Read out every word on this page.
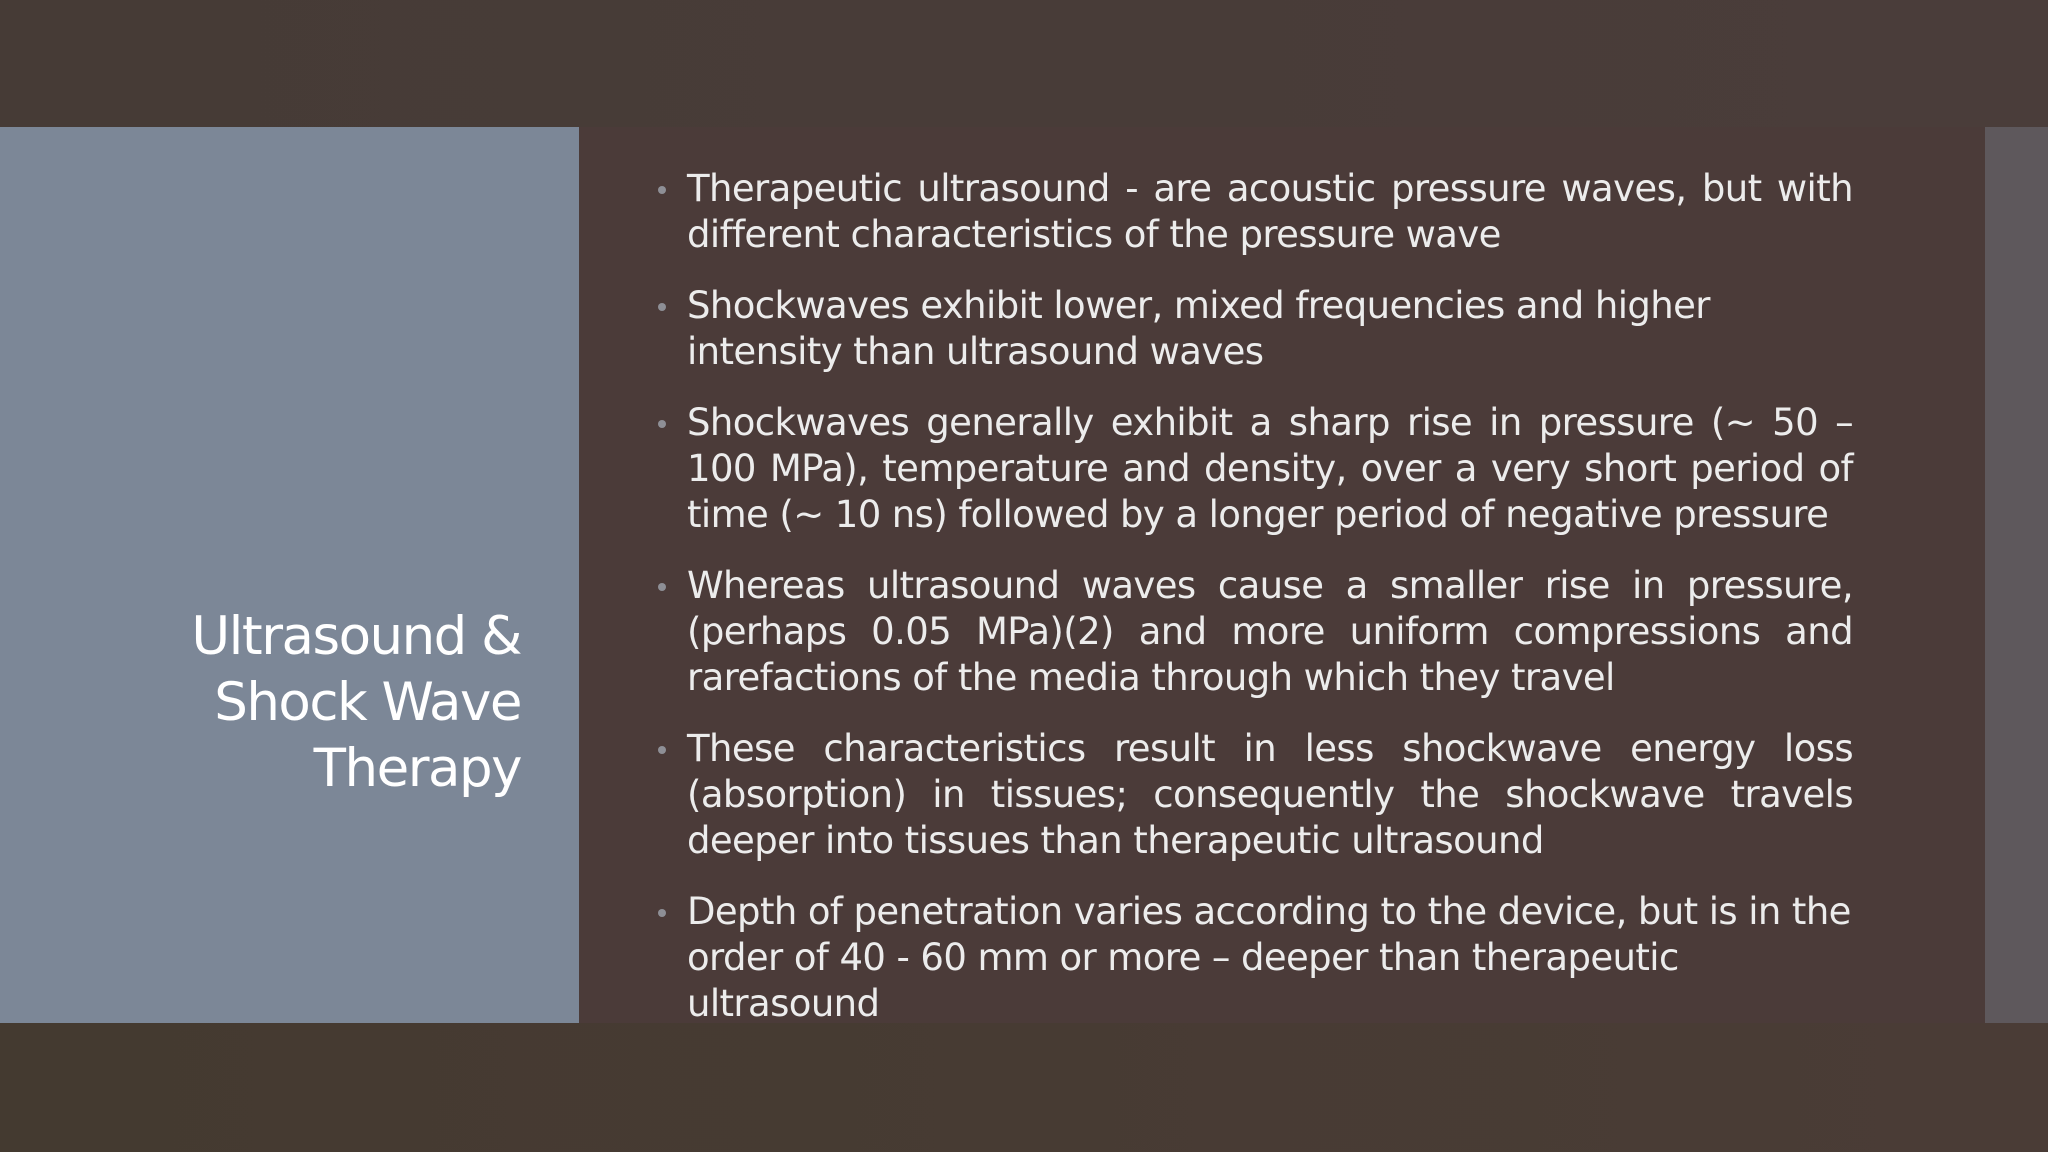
Ultrasound & Shock Wave Therapy
Therapeutic ultrasound - are acoustic pressure waves, but with different characteristics of the pressure wave
Shockwaves exhibit lower, mixed frequencies and higher intensity than ultrasound waves
Shockwaves generally exhibit a sharp rise in pressure (~ 50 – 100 MPa), temperature and density, over a very short period of time (~ 10 ns) followed by a longer period of negative pressure
Whereas ultrasound waves cause a smaller rise in pressure, (perhaps 0.05 MPa)(2) and more uniform compressions and rarefactions of the media through which they travel
These characteristics result in less shockwave energy loss (absorption) in tissues; consequently the shockwave travels deeper into tissues than therapeutic ultrasound
Depth of penetration varies according to the device, but is in the order of 40 - 60 mm or more – deeper than therapeutic ultrasound
